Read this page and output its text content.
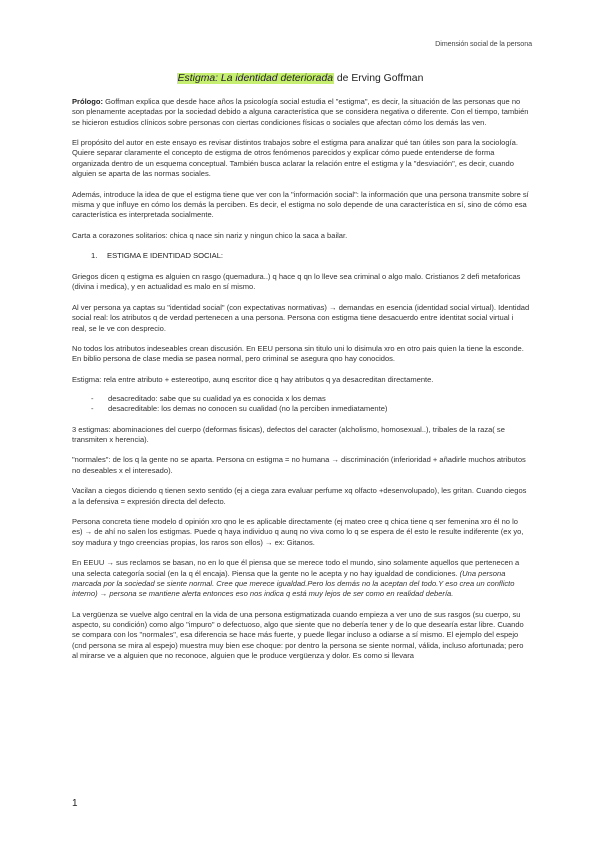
Dimensión social de la persona
Estigma: La identidad deteriorada de Erving Goffman

Prólogo: Goffman explica que desde hace años la psicología social estudia el "estigma", es decir, la situación de las personas que no son plenamente aceptadas por la sociedad debido a alguna característica que se considera negativa o diferente. Con el tiempo, también se hicieron estudios clínicos sobre personas con ciertas condiciones físicas o sociales que afectan cómo los demás las ven.

El propósito del autor en este ensayo es revisar distintos trabajos sobre el estigma para analizar qué tan útiles son para la sociología. Quiere separar claramente el concepto de estigma de otros fenómenos parecidos y explicar cómo puede entenderse de forma organizada dentro de un esquema conceptual. También busca aclarar la relación entre el estigma y la "desviación", es decir, cuando alguien se aparta de las normas sociales.

Además, introduce la idea de que el estigma tiene que ver con la "información social": la información que una persona transmite sobre sí misma y que influye en cómo los demás la perciben. Es decir, el estigma no solo depende de una característica en sí, sino de cómo esa característica es interpretada socialmente.

Carta a corazones solitarios: chica q nace sin nariz y ningun chico la saca a bailar.

1. ESTIGMA E IDENTIDAD SOCIAL:

Griegos dicen q estigma es alguien cn rasgo (quemadura..) q hace q qn lo lleve sea criminal o algo malo. Cristianos 2 defi metaforicas (divina i medica), y en actualidad es malo en sí mismo.

Al ver persona ya captas su "identidad social" (con expectativas normativas) → demandas en esencia (identidad social virtual). Identidad social real: los atributos q de verdad pertenecen a una persona. Persona con estigma tiene desacuerdo entre identitat social virtual i real, se le ve con desprecio.

No todos los atributos indeseables crean discusión. En EEU persona sin titulo uni lo disimula xro en otro pais quien la tiene la esconde. En biblio persona de clase media se pasea normal, pero criminal se asegura qno hay conocidos.

Estigma: rela entre atributo + estereotipo, aunq escritor dice q hay atributos q ya desacreditan directamente.

- desacreditado: sabe que su cualidad ya es conocida x los demas
- desacreditable: los demas no conocen su cualidad (no la perciben inmediatamente)

3 estigmas: abominaciones del cuerpo (deformas fisicas), defectos del caracter (alcholismo, homosexual..), tribales de la raza( se transmiten x herencia).

"normales": de los q la gente no se aparta. Persona cn estigma = no humana → discriminación (inferioridad + añadirle muchos atributos no deseables x el interesado).

Vacilan a ciegos diciendo q tienen sexto sentido (ej a ciega zara evaluar perfume xq olfacto +desenvolupado), les gritan. Cuando ciegos a la defensiva = expresión directa del defecto.

Persona concreta tiene modelo d opinión xro qno le es aplicable directamente (ej mateo cree q chica tiene q ser femenina xro él no lo es) → de ahí no salen los estigmas. Puede q haya individuo q aunq no viva como lo q se espera de él esto le resulte indiferente (ex yo, soy madura y tngo creencias propias, los raros son ellos) → ex: Gitanos.

En EEUU → sus reclamos se basan, no en lo que él piensa que se merece todo el mundo, sino solamente aquellos que pertenecen a una selecta categoría social (en la q él encaja). Piensa que la gente no le acepta y no hay igualdad de condiciones. (Una persona marcada por la sociedad se siente normal. Cree que merece igualdad.Pero los demás no la aceptan del todo.Y eso crea un conflicto interno) → persona se mantiene alerta entonces eso nos indica q está muy lejos de ser como en realidad debería.

La vergüenza se vuelve algo central en la vida de una persona estigmatizada cuando empieza a ver uno de sus rasgos (su cuerpo, su aspecto, su condición) como algo "impuro" o defectuoso, algo que siente que no debería tener y de lo que desearía estar libre. Cuando se compara con los "normales", esa diferencia se hace más fuerte, y puede llegar incluso a odiarse a sí mismo. El ejemplo del espejo (cnd persona se mira al espejo) muestra muy bien ese choque: por dentro la persona se siente normal, válida, incluso afortunada; pero al mirarse ve a alguien que no reconoce, alguien que le produce vergüenza y dolor. Es como si llevara

1
